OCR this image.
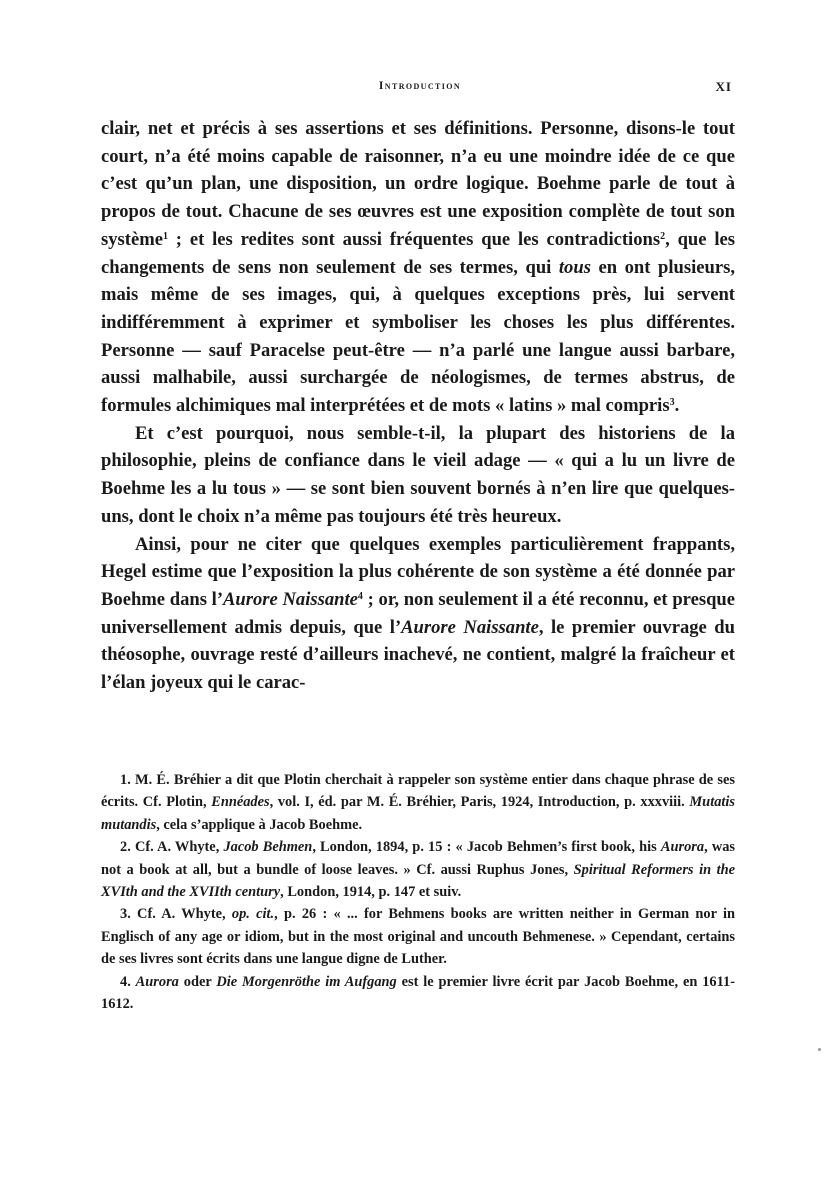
Introduction	XI

clair, net et précis à ses assertions et ses définitions. Personne, disons-le tout court, n’a été moins capable de raisonner, n’a eu une moindre idée de ce que c’est qu’un plan, une disposition, un ordre logique. Boehme parle de tout à propos de tout. Chacune de ses œuvres est une exposition complète de tout son système$^1$ ; et les redites sont aussi fréquentes que les contradictions$^2$, que les changements de sens non seulement de ses termes, qui tous en ont plusieurs, mais même de ses images, qui, à quelques exceptions près, lui servent indifféremment à exprimer et symboliser les choses les plus différentes. Personne — sauf Paracelse peut-être — n’a parlé une langue aussi barbare, aussi malhabile, aussi surchargée de néologismes, de termes abstrus, de formules alchimiques mal interprétées et de mots « latins » mal compris$^3$.

Et c’est pourquoi, nous semble-t-il, la plupart des historiens de la philosophie, pleins de confiance dans le vieil adage — « qui a lu un livre de Boehme les a lu tous » — se sont bien souvent bornés à n’en lire que quelques-uns, dont le choix n’a même pas toujours été très heureux.

Ainsi, pour ne citer que quelques exemples particulièrement frappants, Hegel estime que l’exposition la plus cohérente de son système a été donnée par Boehme dans l’Aurore Naissante$^4$ ; or, non seulement il a été reconnu, et presque universellement admis depuis, que l’Aurore Naissante, le premier ouvrage du théosophe, ouvrage resté d’ailleurs inachevé, ne contient, malgré la fraîcheur et l’élan joyeux qui le carac-

1. M. É. Bréhier a dit que Plotin cherchait à rappeler son système entier dans chaque phrase de ses écrits. Cf. Plotin, Ennéades, vol. I, éd. par M. É. Bréhier, Paris, 1924, Introduction, p. xxxviii. Mutatis mutandis, cela s’applique à Jacob Boehme.

2. Cf. A. Whyte, Jacob Behmen, London, 1894, p. 15 : « Jacob Behmen’s first book, his Aurora, was not a book at all, but a bundle of loose leaves. » Cf. aussi Ruphus Jones, Spiritual Reformers in the XVIth and the XVIIth century, London, 1914, p. 147 et suiv.

3. Cf. A. Whyte, op. cit., p. 26 : « ... for Behmens books are written neither in German nor in Englisch of any age or idiom, but in the most original and uncouth Behmenese. » Cependant, certains de ses livres sont écrits dans une langue digne de Luther.

4. Aurora oder Die Morgenröthe im Aufgang est le premier livre écrit par Jacob Boehme, en 1611-1612.
